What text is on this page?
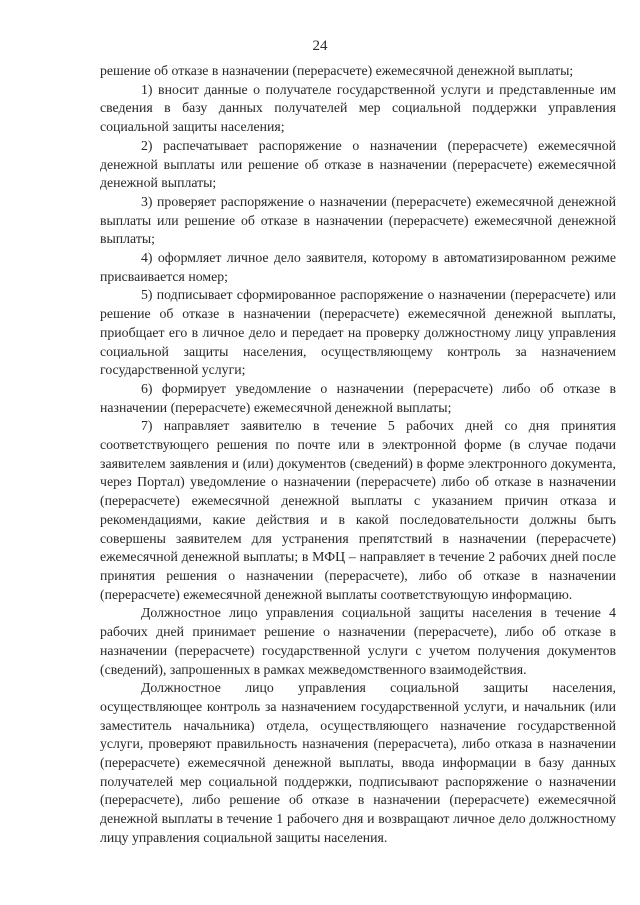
24

решение об отказе в назначении (перерасчете) ежемесячной денежной выплаты;

1) вносит данные о получателе государственной услуги и представленные им сведения в базу данных получателей мер социальной поддержки управления социальной защиты населения;

2) распечатывает распоряжение о назначении (перерасчете) ежемесячной денежной выплаты или решение об отказе в назначении (перерасчете) ежемесячной денежной выплаты;

3) проверяет распоряжение о назначении (перерасчете) ежемесячной денежной выплаты или решение об отказе в назначении (перерасчете) ежемесячной денежной выплаты;

4) оформляет личное дело заявителя, которому в автоматизированном режиме присваивается номер;

5) подписывает сформированное распоряжение о назначении (перерасчете) или решение об отказе в назначении (перерасчете) ежемесячной денежной выплаты, приобщает его в личное дело и передает на проверку должностному лицу управления социальной защиты населения, осуществляющему контроль за назначением государственной услуги;

6) формирует уведомление о назначении (перерасчете) либо об отказе в назначении (перерасчете) ежемесячной денежной выплаты;

7) направляет заявителю в течение 5 рабочих дней со дня принятия соответствующего решения по почте или в электронной форме (в случае подачи заявителем заявления и (или) документов (сведений) в форме электронного документа, через Портал) уведомление о назначении (перерасчете) либо об отказе в назначении (перерасчете) ежемесячной денежной выплаты с указанием причин отказа и рекомендациями, какие действия и в какой последовательности должны быть совершены заявителем для устранения препятствий в назначении (перерасчете) ежемесячной денежной выплаты; в МФЦ – направляет в течение 2 рабочих дней после принятия решения о назначении (перерасчете), либо об отказе в назначении (перерасчете) ежемесячной денежной выплаты соответствующую информацию.

Должностное лицо управления социальной защиты населения в течение 4 рабочих дней принимает решение о назначении (перерасчете), либо об отказе в назначении (перерасчете) государственной услуги с учетом получения документов (сведений), запрошенных в рамках межведомственного взаимодействия.

Должностное лицо управления социальной защиты населения, осуществляющее контроль за назначением государственной услуги, и начальник (или заместитель начальника) отдела, осуществляющего назначение государственной услуги, проверяют правильность назначения (перерасчета), либо отказа в назначении (перерасчете) ежемесячной денежной выплаты, ввода информации в базу данных получателей мер социальной поддержки, подписывают распоряжение о назначении (перерасчете), либо решение об отказе в назначении (перерасчете) ежемесячной денежной выплаты в течение 1 рабочего дня и возвращают личное дело должностному лицу управления социальной защиты населения.
